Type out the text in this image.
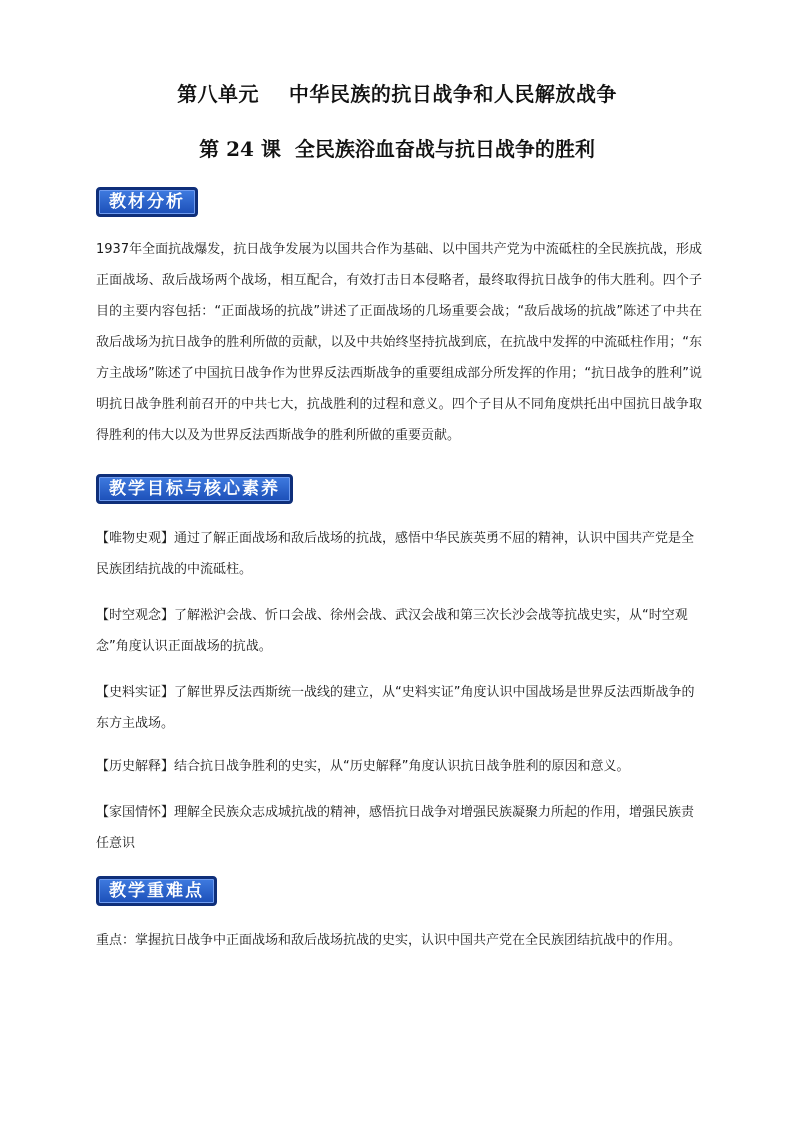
第八单元    中华民族的抗日战争和人民解放战争
第 24 课  全民族浴血奋战与抗日战争的胜利
教材分析
1937年全面抗战爆发，抗日战争发展为以国共合作为基础、以中国共产党为中流砥柱的全民族抗战，形成正面战场、敌后战场两个战场，相互配合，有效打击日本侵略者，最终取得抗日战争的伟大胜利。四个子目的主要内容包括：“正面战场的抗战”讲述了正面战场的几场重要会战；“敌后战场的抗战”陈述了中共在敌后战场为抗日战争的胜利所做的贡献，以及中共始终坚持抗战到底，在抗战中发挥的中流砥柱作用；“东方主战场”陈述了中国抗日战争作为世界反法西斯战争的重要组成部分所发挥的作用；“抗日战争的胜利”说明抗日战争胜利前召开的中共七大，抗战胜利的过程和意义。四个子目从不同角度烘托出中国抗日战争取得胜利的伟大以及为世界反法西斯战争的胜利所做的重要贡献。
教学目标与核心素养
【唯物史观】通过了解正面战场和敌后战场的抗战，感悟中华民族英勇不屈的精神，认识中国共产党是全民族团结抗战的中流砥柱。
【时空观念】了解淞沪会战、忻口会战、徐州会战、武汉会战和第三次长沙会战等抗战史实，从“时空观念”角度认识正面战场的抗战。
【史料实证】了解世界反法西斯统一战线的建立，从“史料实证”角度认识中国战场是世界反法西斯战争的东方主战场。
【历史解释】结合抗日战争胜利的史实，从“历史解释”角度认识抗日战争胜利的原因和意义。
【家国情怀】理解全民族众志成城抗战的精神，感悟抗日战争对增强民族凝聚力所起的作用，增强民族责任意识
教学重难点
重点：掌握抗日战争中正面战场和敌后战场抗战的史实，认识中国共产党在全民族团结抗战中的作用。
